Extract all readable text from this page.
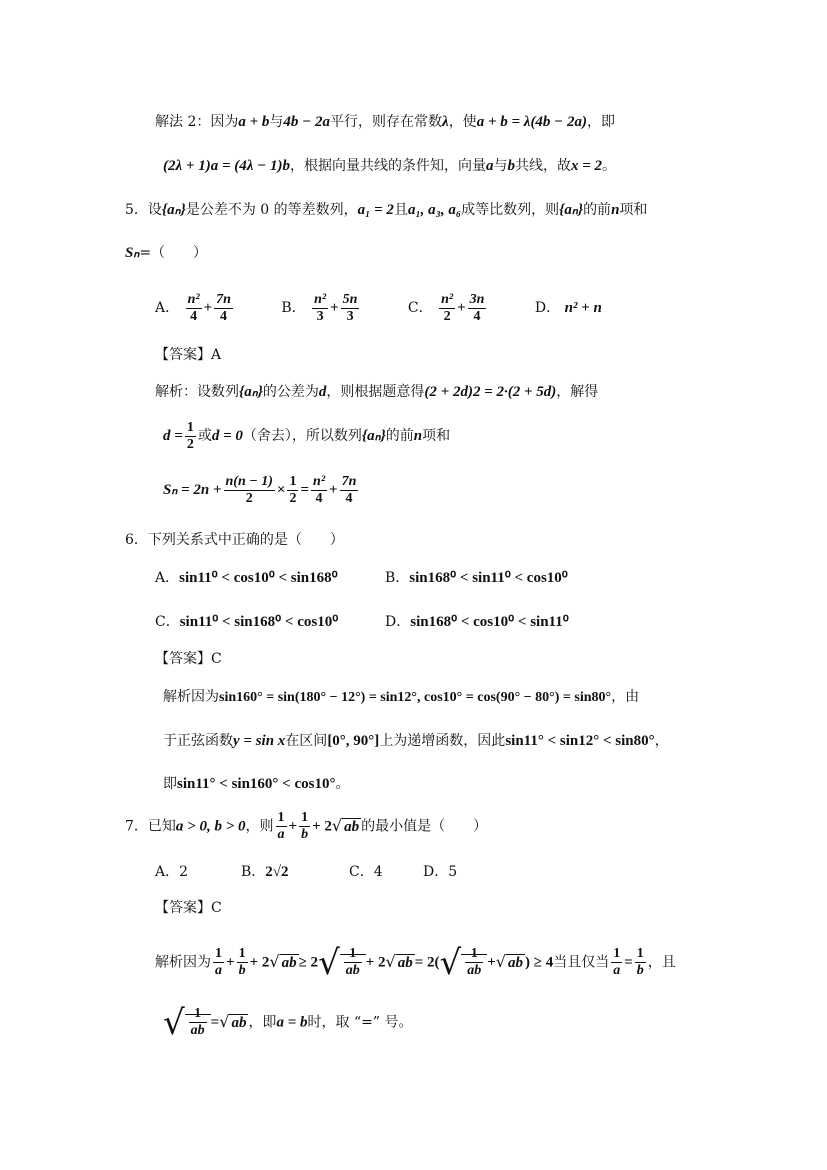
解法 2：因为a + b与4b − 2a平行，则存在常数λ，使a + b = λ(4b − 2a)，即
(2λ + 1)a = (4λ − 1)b，根据向量共线的条件知，向量a与b共线，故x = 2。
5．设{aₙ}是公差不为 0 的等差数列，a₁ = 2且a₁, a₃, a₆成等比数列，则{aₙ}的前n项和
Sₙ=（　　）
A． $\frac{\text{n²}}{4} + \frac{7n}{4}$	B． $\frac{\text{n²}}{3} + \frac{5n}{3}$	C． $\frac{\text{n²}}{2} + \frac{3n}{4}$	D． n² + n
【答案】A
解析：设数列{aₙ}的公差为d，则根据题意得(2 + 2d)2 = 2·(2 + 5d)，解得
$d = \frac{1}{2}$ 或d = 0（舍去），所以数列{aₙ}的前n项和
$S_n = 2n + \frac{n(n - 1)}{2} \times \frac{1}{2} = \frac{\text{n²}}{4} + \frac{7n}{4}$
6．下列关系式中正确的是（　　）
A．sin11⁰ < cos10⁰ < sin168⁰	B．sin168⁰ < sin11⁰ < cos10⁰
C．sin11⁰ < sin168⁰ < cos10⁰	D．sin168⁰ < cos10⁰ < sin11⁰
【答案】C
解析因为sin160° = sin(180° − 12°) = sin12°, cos10° = cos(90° − 80°) = sin80°，由
于正弦函数y = sin x在区间[0°, 90°]上为递增函数，因此sin11° < sin12° < sin80°，
即sin11° < sin160° < cos10°。
7．已知a > 0, b > 0，则 $\frac{1}{a} + \frac{1}{b} + 2√$ ab 的最小值是（　　）
A．2	B．2√2	C．4	D．5
【答案】C
解析因为 $\frac{1}{a} + \frac{1}{b} + 2√$ ab ≥ $2√ \frac{1}{ab} + 2√$ ab = $2(√ \frac{1}{ab}$ +√ ab ) ≥ 4当且仅当 $\frac{1}{a} = \frac{1}{b}$ ，且
√ $\frac{1}{ab}$ =√ ab ，即a = b时，取 “=” 号。
